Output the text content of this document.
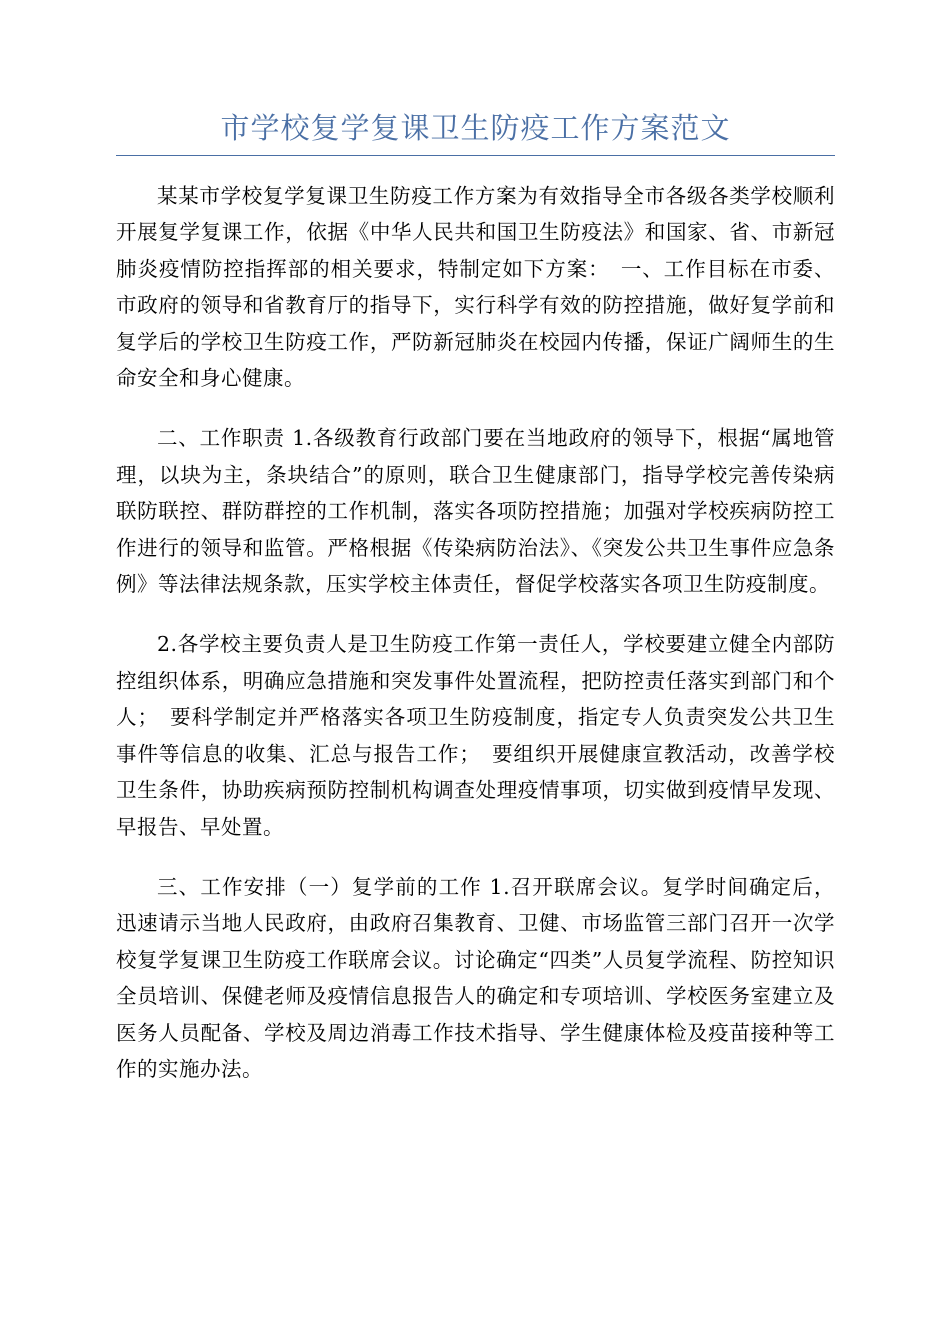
市学校复学复课卫生防疫工作方案范文

某某市学校复学复课卫生防疫工作方案为有效指导全市各级各类学校顺利开展复学复课工作，依据《中华人民共和国卫生防疫法》和国家、省、市新冠肺炎疫情防控指挥部的相关要求，特制定如下方案：　一、工作目标在市委、市政府的领导和省教育厅的指导下，实行科学有效的防控措施，做好复学前和复学后的学校卫生防疫工作，严防新冠肺炎在校园内传播，保证广阔师生的生命安全和身心健康。

二、工作职责 1.各级教育行政部门要在当地政府的领导下，根据“属地管理，以块为主，条块结合”的原则，联合卫生健康部门，指导学校完善传染病联防联控、群防群控的工作机制，落实各项防控措施；加强对学校疾病防控工作进行的领导和监管。严格根据《传染病防治法》、《突发公共卫生事件应急条例》等法律法规条款，压实学校主体责任，督促学校落实各项卫生防疫制度。

2.各学校主要负责人是卫生防疫工作第一责任人，学校要建立健全内部防控组织体系，明确应急措施和突发事件处置流程，把防控责任落实到部门和个人；　要科学制定并严格落实各项卫生防疫制度，指定专人负责突发公共卫生事件等信息的收集、汇总与报告工作；　要组织开展健康宣教活动，改善学校卫生条件，协助疾病预防控制机构调查处理疫情事项，切实做到疫情早发现、早报告、早处置。

三、工作安排（一）复学前的工作 1.召开联席会议。复学时间确定后，迅速请示当地人民政府，由政府召集教育、卫健、市场监管三部门召开一次学校复学复课卫生防疫工作联席会议。讨论确定“四类”人员复学流程、防控知识全员培训、保健老师及疫情信息报告人的确定和专项培训、学校医务室建立及医务人员配备、学校及周边消毒工作技术指导、学生健康体检及疫苗接种等工作的实施办法。
